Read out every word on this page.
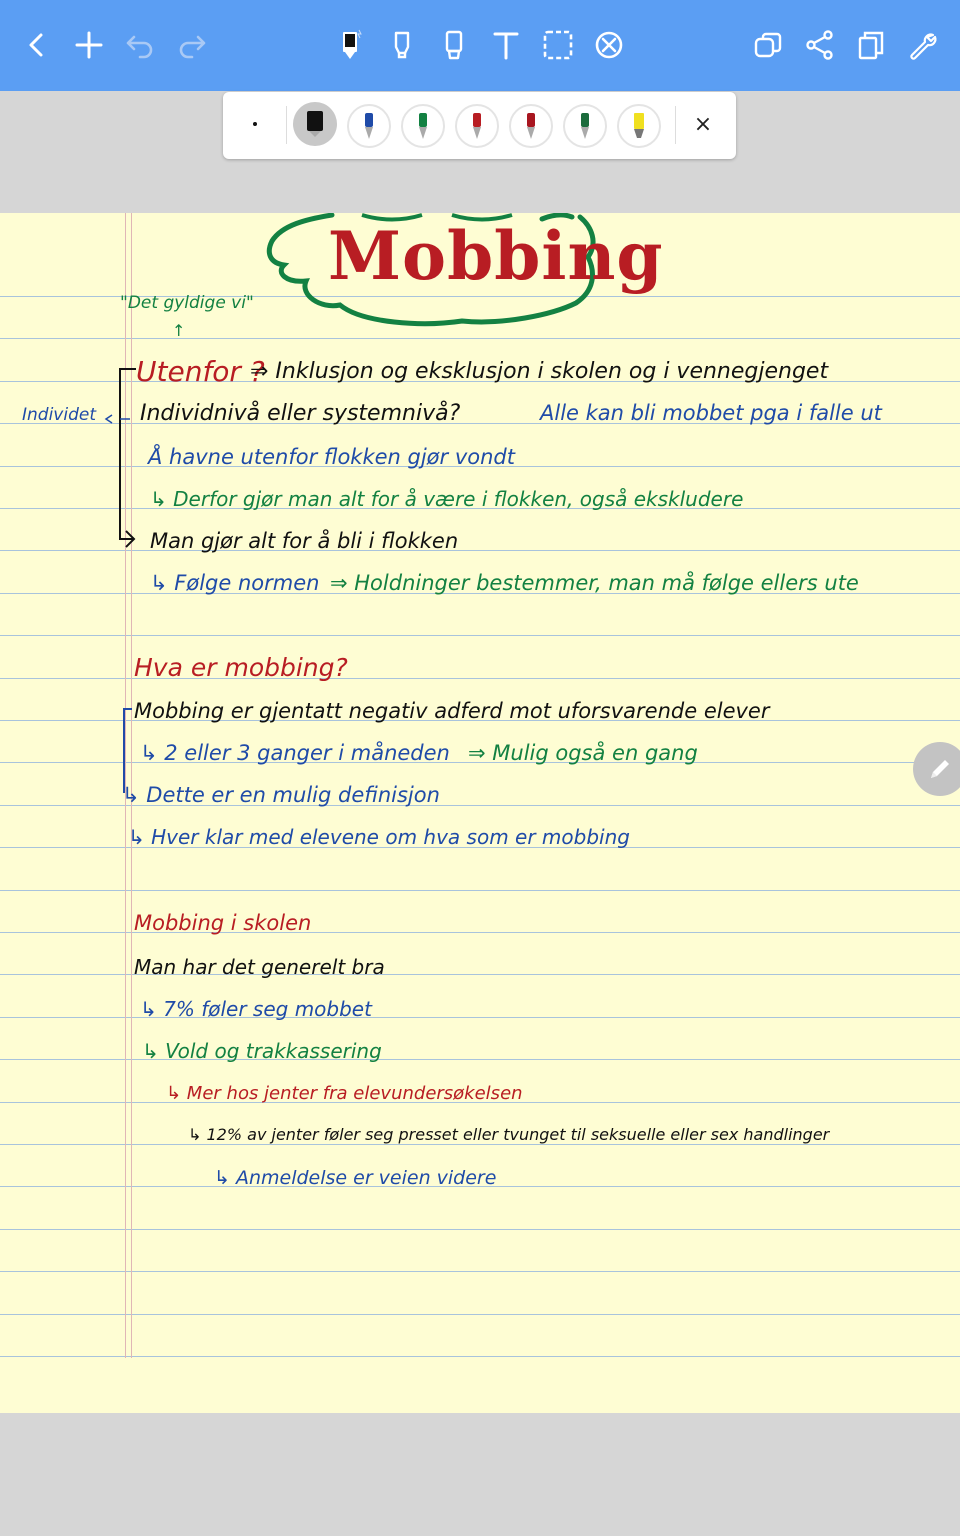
×
Mobbing
"Det gyldige vi"
↑
Utenfor ?
⇒ Inklusjon og eksklusjon i skolen og i vennegjenget
Individet Individnivå eller systemnivå?	Alle kan bli mobbet pga i falle ut
Å havne utenfor flokken gjør vondt
↳ Derfor gjør man alt for å være i flokken, også ekskludere
Man gjør alt for å bli i flokken
↳ Følge normen ⇒ Holdninger bestemmer, man må følge ellers ute
Hva er mobbing?
Mobbing er gjentatt negativ adferd mot uforsvarende elever
↳ 2 eller 3 ganger i måneden ⇒ Mulig også en gang
↳ Dette er en mulig definisjon
↳ Hver klar med elevene om hva som er mobbing
Mobbing i skolen
Man har det generelt bra
↳ 7% føler seg mobbet
↳ Vold og trakkassering
↳ Mer hos jenter fra elevundersøkelsen
↳ 12% av jenter føler seg presset eller tvunget til seksuelle eller sex handlinger
↳ Anmeldelse er veien videre
